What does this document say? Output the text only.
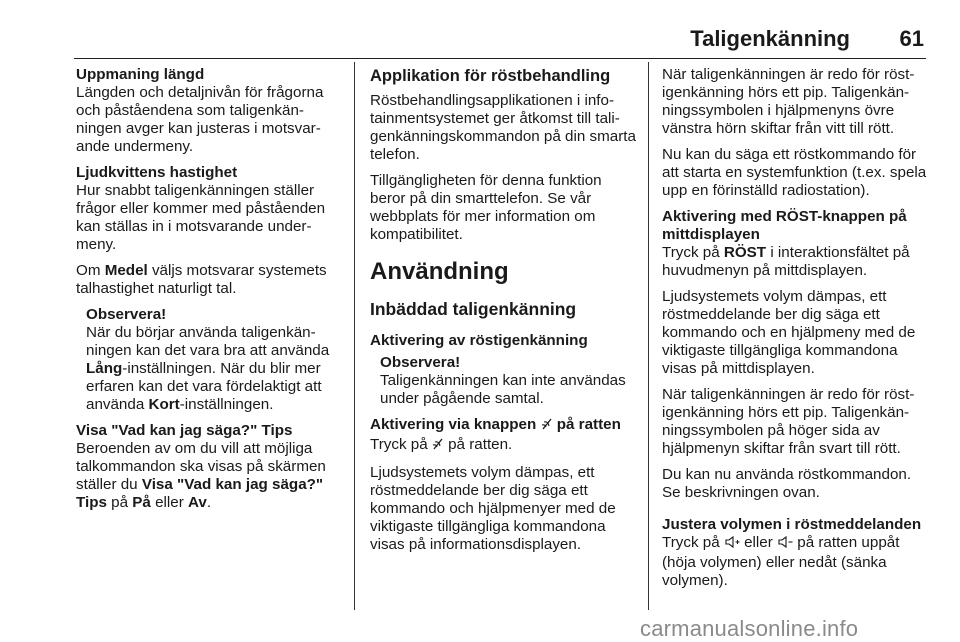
Taligenkänning	61
Uppmaning längd

Längden och detaljnivån för frågorna och påståendena som taligenkän-ningen avger kan justeras i motsvar-ande undermeny.

Ljudkvittens hastighet

Hur snabbt taligenkänningen ställer frågor eller kommer med påståenden kan ställas in i motsvarande under-meny.

Om Medel väljs motsvarar systemets talhastighet naturligt tal.

Observera!
När du börjar använda taligenkän-ningen kan det vara bra att använda Lång-inställningen. När du blir mer erfaren kan det vara fördelaktigt att använda Kort-inställningen.
Visa "Vad kan jag säga?" Tips

Beroenden av om du vill att möjliga talkommandon ska visas på skärmen ställer du Visa "Vad kan jag säga?" Tips på På eller Av.

Applikation för röstbehandling

Röstbehandlingsapplikationen i info-tainmentsystemet ger åtkomst till tali-genkänningskommandon på din smarta telefon.

Tillgängligheten för denna funktion beror på din smarttelefon. Se vår webbplats för mer information om kompatibilitet.

Användning
Inbäddad taligenkänning
Aktivering av röstigenkänning
Observera!
Taligenkänningen kan inte användas under pågående samtal.
Aktivering via knappen  på ratten

Tryck på  på ratten.

Ljudsystemets volym dämpas, ett röstmeddelande ber dig säga ett kommando och hjälpmenyer med de viktigaste tillgängliga kommandona visas på informationsdisplayen.

När taligenkänningen är redo för röst-igenkänning hörs ett pip. Taligenkän-ningssymbolen i hjälpmenyns övre vänstra hörn skiftar från vitt till rött.

Nu kan du säga ett röstkommando för att starta en systemfunktion (t.ex. spela upp en förinställd radiostation).

Aktivering med RÖST-knappen på mittdisplayen

Tryck på RÖST i interaktionsfältet på huvudmenyn på mittdisplayen.

Ljudsystemets volym dämpas, ett röstmeddelande ber dig säga ett kommando och en hjälpmeny med de viktigaste tillgängliga kommandona visas på mittdisplayen.

När taligenkänningen är redo för röst-igenkänning hörs ett pip. Taligenkän-ningssymbolen på höger sida av hjälpmenyn skiftar från svart till rött.

Du kan nu använda röstkommandon. Se beskrivningen ovan.

Justera volymen i röstmeddelanden

Tryck på  eller  på ratten uppåt (höja volymen) eller nedåt (sänka volymen).

carmanualsonline.info
